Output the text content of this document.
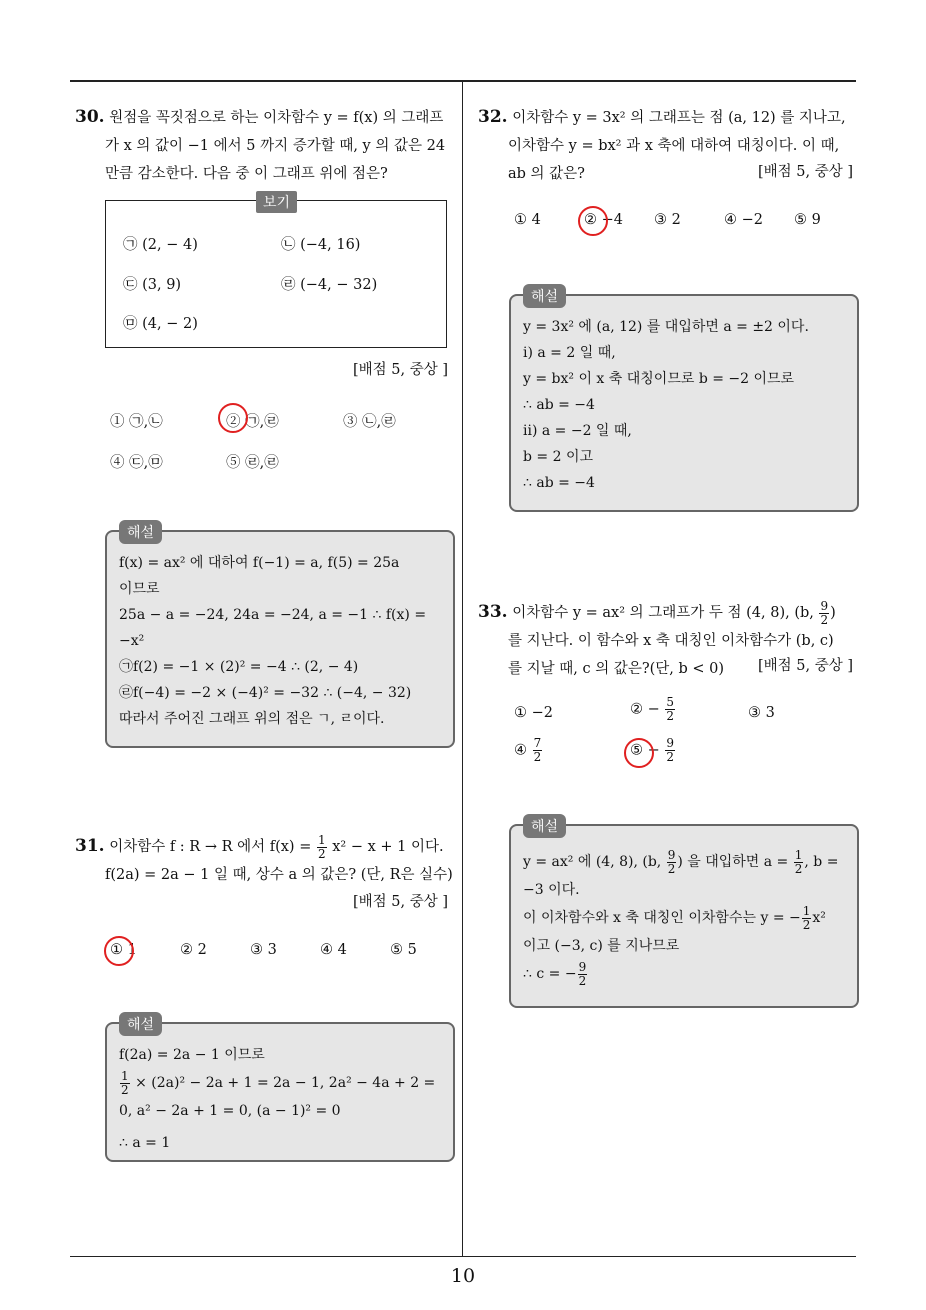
10
30. 원점을 꼭짓점으로 하는 이차함수 y = f(x) 의 그래프
가 x 의 값이 −1 에서 5 까지 증가할 때, y 의 값은 24
만큼 감소한다. 다음 중 이 그래프 위에 점은?
보기
㉠ (2, − 4)	㉡ (−4, 16)
㉢ (3, 9)	㉣ (−4, − 32)
㉤ (4, − 2)
[배점 5, 중상 ]
① ㉠,㉡	② ㉠,㉣	③ ㉡,㉣
④ ㉢,㉤	⑤ ㉣,㉣
해설
f(x) = ax² 에 대하여 f(−1) = a, f(5) = 25a
이므로
25a − a = −24, 24a = −24, a = −1 ∴ f(x) =
−x²
㉠f(2) = −1 × (2)² = −4 ∴ (2, − 4)
㉣f(−4) = −2 × (−4)² = −32 ∴ (−4, − 32)
따라서 주어진 그래프 위의 점은 ㄱ, ㄹ이다.
31. 이차함수 f : R → R 에서 $f(x) = \frac{1}{2} x^2 - x + 1$ 이다.
f(2a) = 2a − 1 일 때, 상수 a 의 값은? (단, R은 실수)
[배점 5, 중상 ]
① 1	② 2	③ 3	④ 4	⑤ 5
해설
f(2a) = 2a − 1 이므로
$\frac{1}{2} \times (2a)^2 - 2a + 1 = 2a - 1$, 2a² − 4a + 2 =
0, a² − 2a + 1 = 0, (a − 1)² = 0
∴ a = 1
32. 이차함수 y = 3x² 의 그래프는 점 (a, 12) 를 지나고,
이차함수 y = bx² 과 x 축에 대하여 대칭이다. 이 때,
ab 의 값은?	[배점 5, 중상 ]
① 4	② −4 ③ 2	④ −2 ⑤ 9
해설
y = 3x² 에 (a, 12) 를 대입하면 a = ±2 이다.
i) a = 2 일 때,
y = bx² 이 x 축 대칭이므로 b = −2 이므로
∴ ab = −4
ii) a = −2 일 때,
b = 2 이고
∴ ab = −4
33. 이차함수 y = ax² 의 그래프가 두 점 (4, 8), (b, $\frac{9}{2}$ )
를 지난다. 이 함수와 x 축 대칭인 이차함수가 (b, c)
를 지날 때, c 의 값은?(단, b < 0)	[배점 5, 중상 ]
① −2	② − $\frac{5}{2}$	③ 3
④ $\frac{7}{2}$	⑤ − $\frac{9}{2}$
해설
y = ax² 에 (4, 8), (b, $\frac{9}{2}$ ) 을 대입하면 $a = \frac{1}{2}$ , b =
−3 이다.
이 이차함수와 x 축 대칭인 이차함수는 y = − $\frac{1}{2} x^2$
이고 (−3, c) 를 지나므로
∴ c = − $\frac{9}{2}$
